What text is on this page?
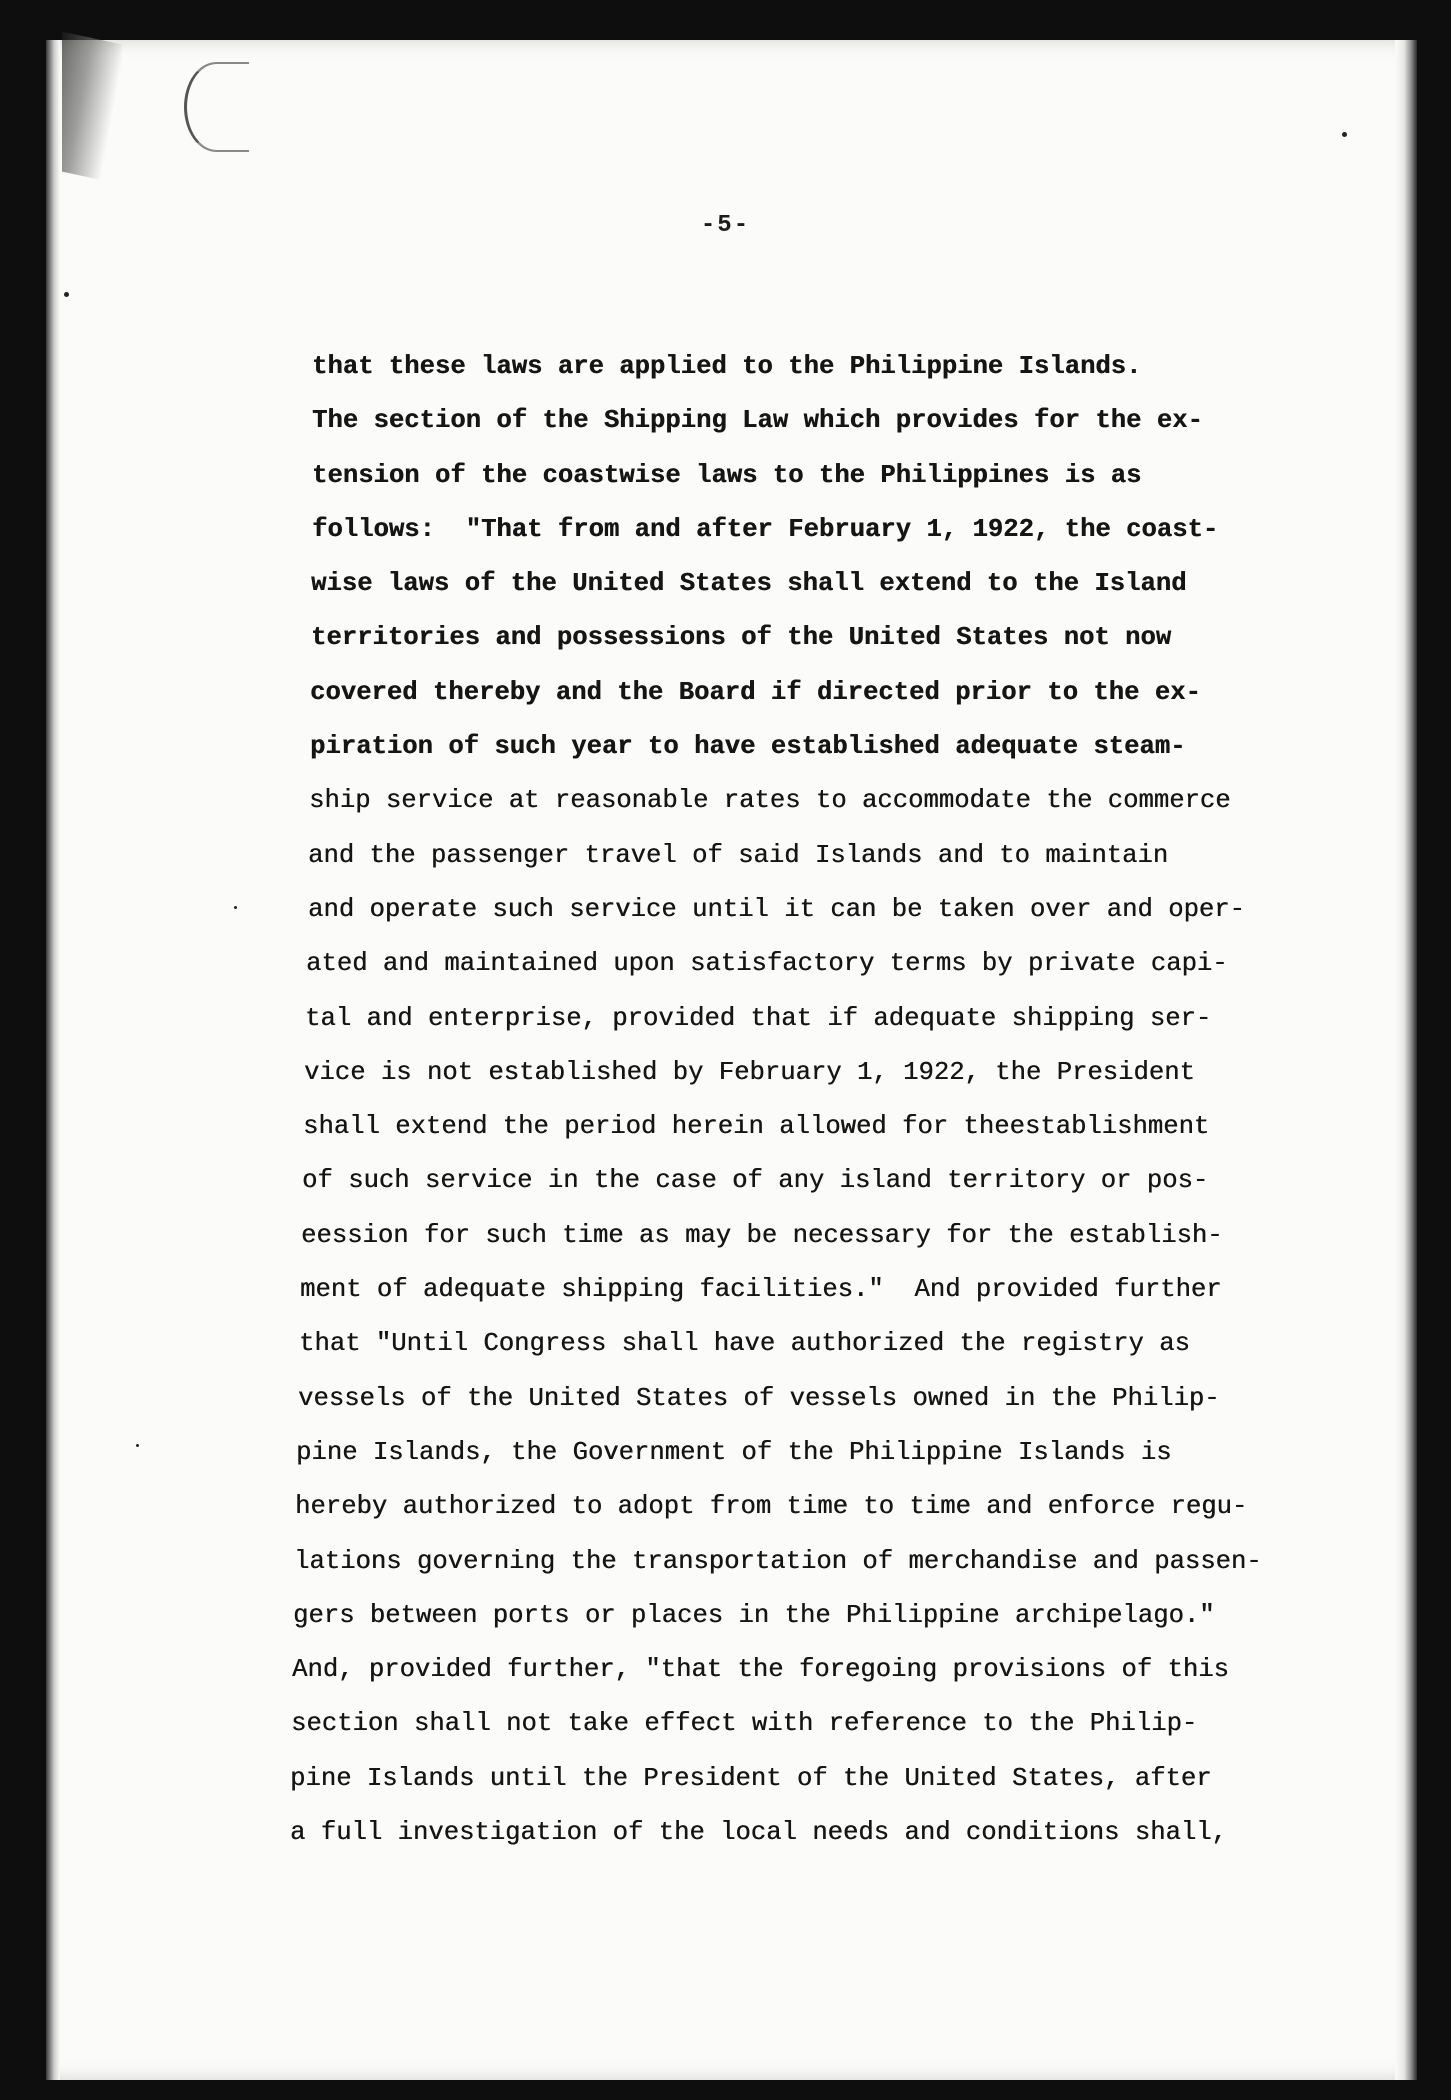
-5-
that these laws are applied to the Philippine Islands.
The section of the Shipping Law which provides for the ex-
tension of the coastwise laws to the Philippines is as
follows:  "That from and after February 1, 1922, the coast-
wise laws of the United States shall extend to the Island
territories and possessions of the United States not now
covered thereby and the Board if directed prior to the ex-
piration of such year to have established adequate steam-
ship service at reasonable rates to accommodate the commerce
and the passenger travel of said Islands and to maintain
and operate such service until it can be taken over and oper-
ated and maintained upon satisfactory terms by private capi-
tal and enterprise, provided that if adequate shipping ser-
vice is not established by February 1, 1922, the President
shall extend the period herein allowed for theestablishment
of such service in the case of any island territory or pos-
eession for such time as may be necessary for the establish-
ment of adequate shipping facilities."  And provided further
that "Until Congress shall have authorized the registry as
vessels of the United States of vessels owned in the Philip-
pine Islands, the Government of the Philippine Islands is
hereby authorized to adopt from time to time and enforce regu-
lations governing the transportation of merchandise and passen-
gers between ports or places in the Philippine archipelago."
And, provided further, "that the foregoing provisions of this
section shall not take effect with reference to the Philip-
pine Islands until the President of the United States, after
a full investigation of the local needs and conditions shall,
